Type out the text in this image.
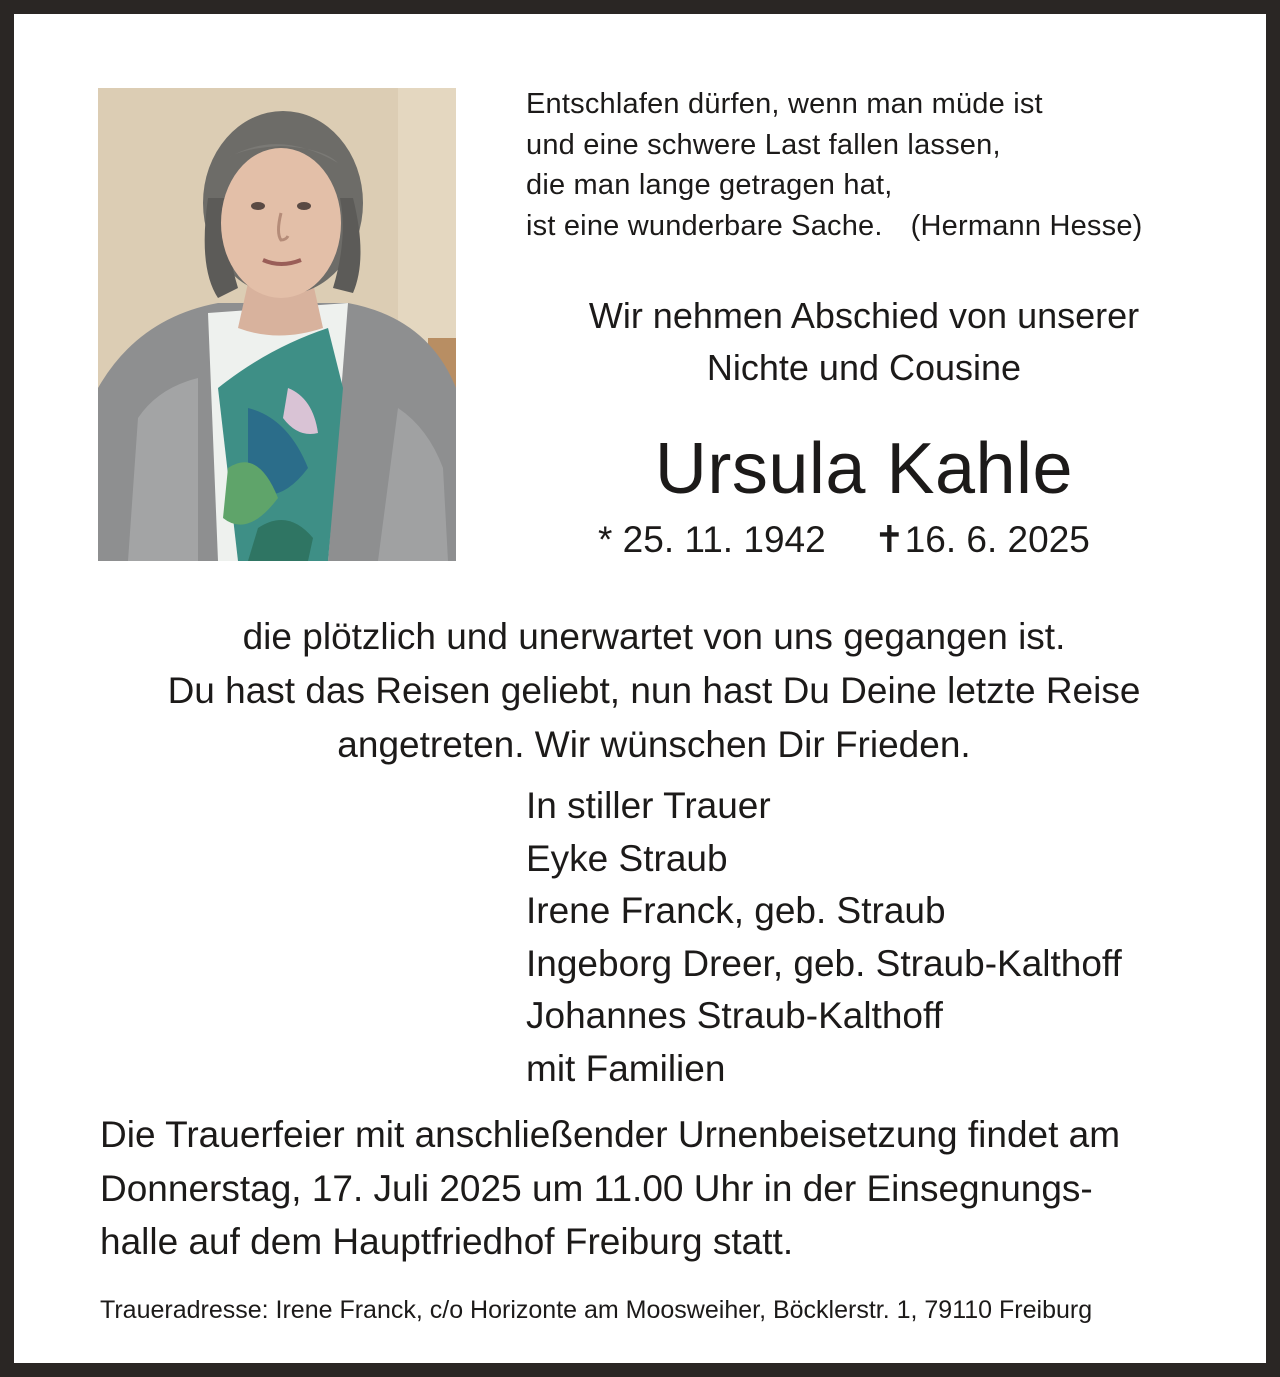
Entschlafen dürfen, wenn man müde ist
und eine schwere Last fallen lassen,
die man lange getragen hat,
ist eine wunderbare Sache. (Hermann Hesse)
Wir nehmen Abschied von unserer
Nichte und Cousine
Ursula Kahle
* 25. 11. 1942 ✝16. 6. 2025
die plötzlich und unerwartet von uns gegangen ist.
Du hast das Reisen geliebt, nun hast Du Deine letzte Reise
angetreten. Wir wünschen Dir Frieden.
In stiller Trauer
Eyke Straub
Irene Franck, geb. Straub
Ingeborg Dreer, geb. Straub-Kalthoff
Johannes Straub-Kalthoff
mit Familien
Die Trauerfeier mit anschließender Urnenbeisetzung findet am
Donnerstag, 17. Juli 2025 um 11.00 Uhr in der Einsegnungs-
halle auf dem Hauptfriedhof Freiburg statt.
Traueradresse: Irene Franck, c/o Horizonte am Moosweiher, Böcklerstr. 1, 79110 Freiburg
